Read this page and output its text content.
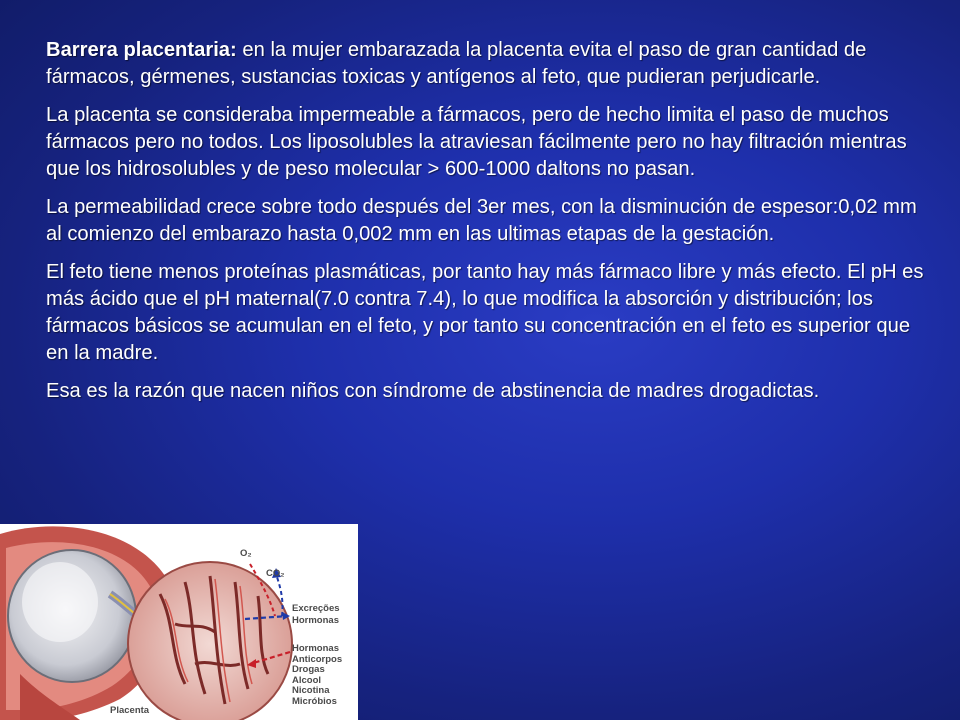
Barrera placentaria: en la mujer embarazada la placenta evita el paso de gran cantidad de fármacos, gérmenes, sustancias toxicas y antígenos al feto, que pudieran perjudicarle.

La placenta se consideraba impermeable a fármacos, pero de hecho limita el paso de muchos fármacos pero no todos. Los liposolubles la atraviesan fácilmente pero no hay filtración mientras que los hidrosolubles y de peso molecular > 600-1000 daltons no pasan.

La permeabilidad crece sobre todo después del 3er mes, con la disminución de espesor:0,02 mm al comienzo del embarazo hasta 0,002 mm en las ultimas etapas de la gestación.

El feto tiene menos proteínas plasmáticas, por tanto hay más fármaco libre y más efecto. El pH es más ácido que el pH maternal(7.0 contra 7.4), lo que modifica la absorción y distribución; los fármacos básicos se acumulan en el feto, y por tanto su concentración en el feto es superior que en la madre.

Esa es la razón que nacen niños con síndrome de abstinencia de madres drogadictas.

O₂
CO₂
Excreções
Hormonas
Hormonas
Anticorpos
Drogas
Alcool
Nicotina
Micróbios
Placenta
